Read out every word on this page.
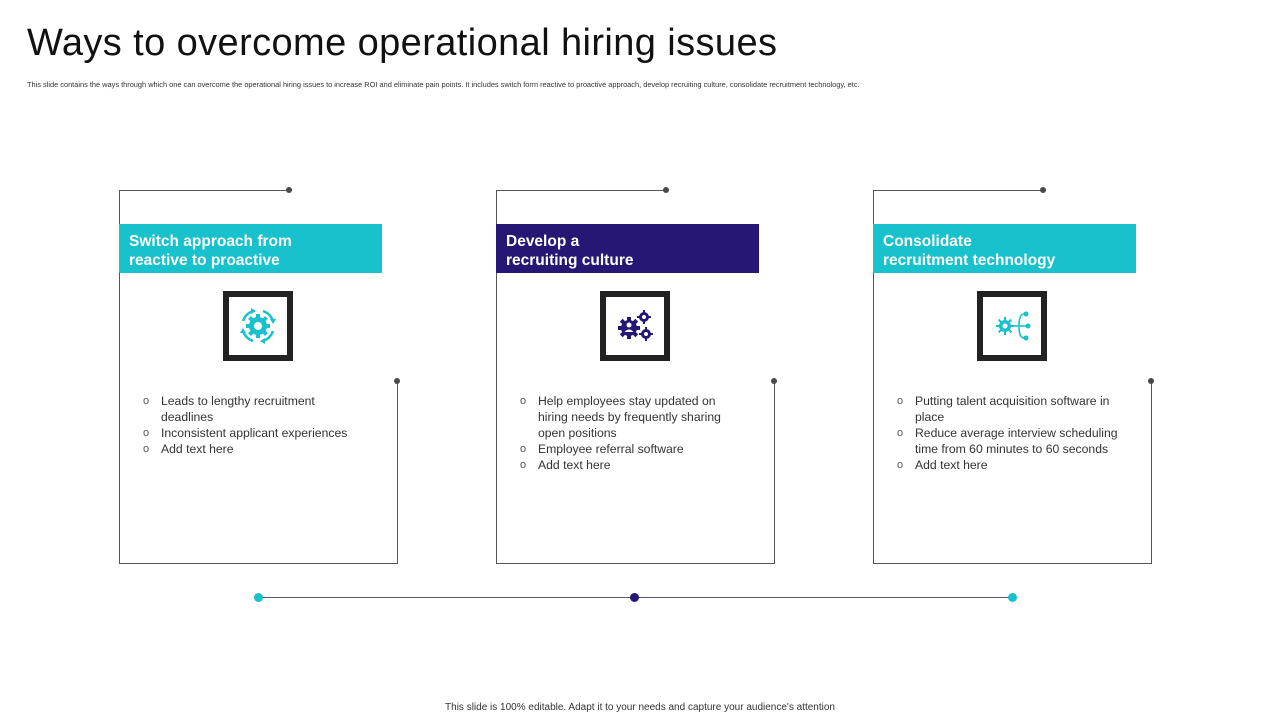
Ways to overcome operational hiring issues
This slide contains the ways through which one can overcome the operational hiring issues to increase ROI and eliminate pain points. It includes switch form reactive to proactive approach, develop recruiting culture, consolidate recruitment technology, etc.
Switch approach from
reactive to proactive
o Leads to lengthy recruitment deadlines
o Inconsistent applicant experiences
o Add text here
Develop a
recruiting culture
o Help employees stay updated on hiring needs by frequently sharing open positions
o Employee referral software
o Add text here
Consolidate
recruitment technology
o Putting talent acquisition software in place
o Reduce average interview scheduling time from 60 minutes to 60 seconds
o Add text here
This slide is 100% editable. Adapt it to your needs and capture your audience's attention
